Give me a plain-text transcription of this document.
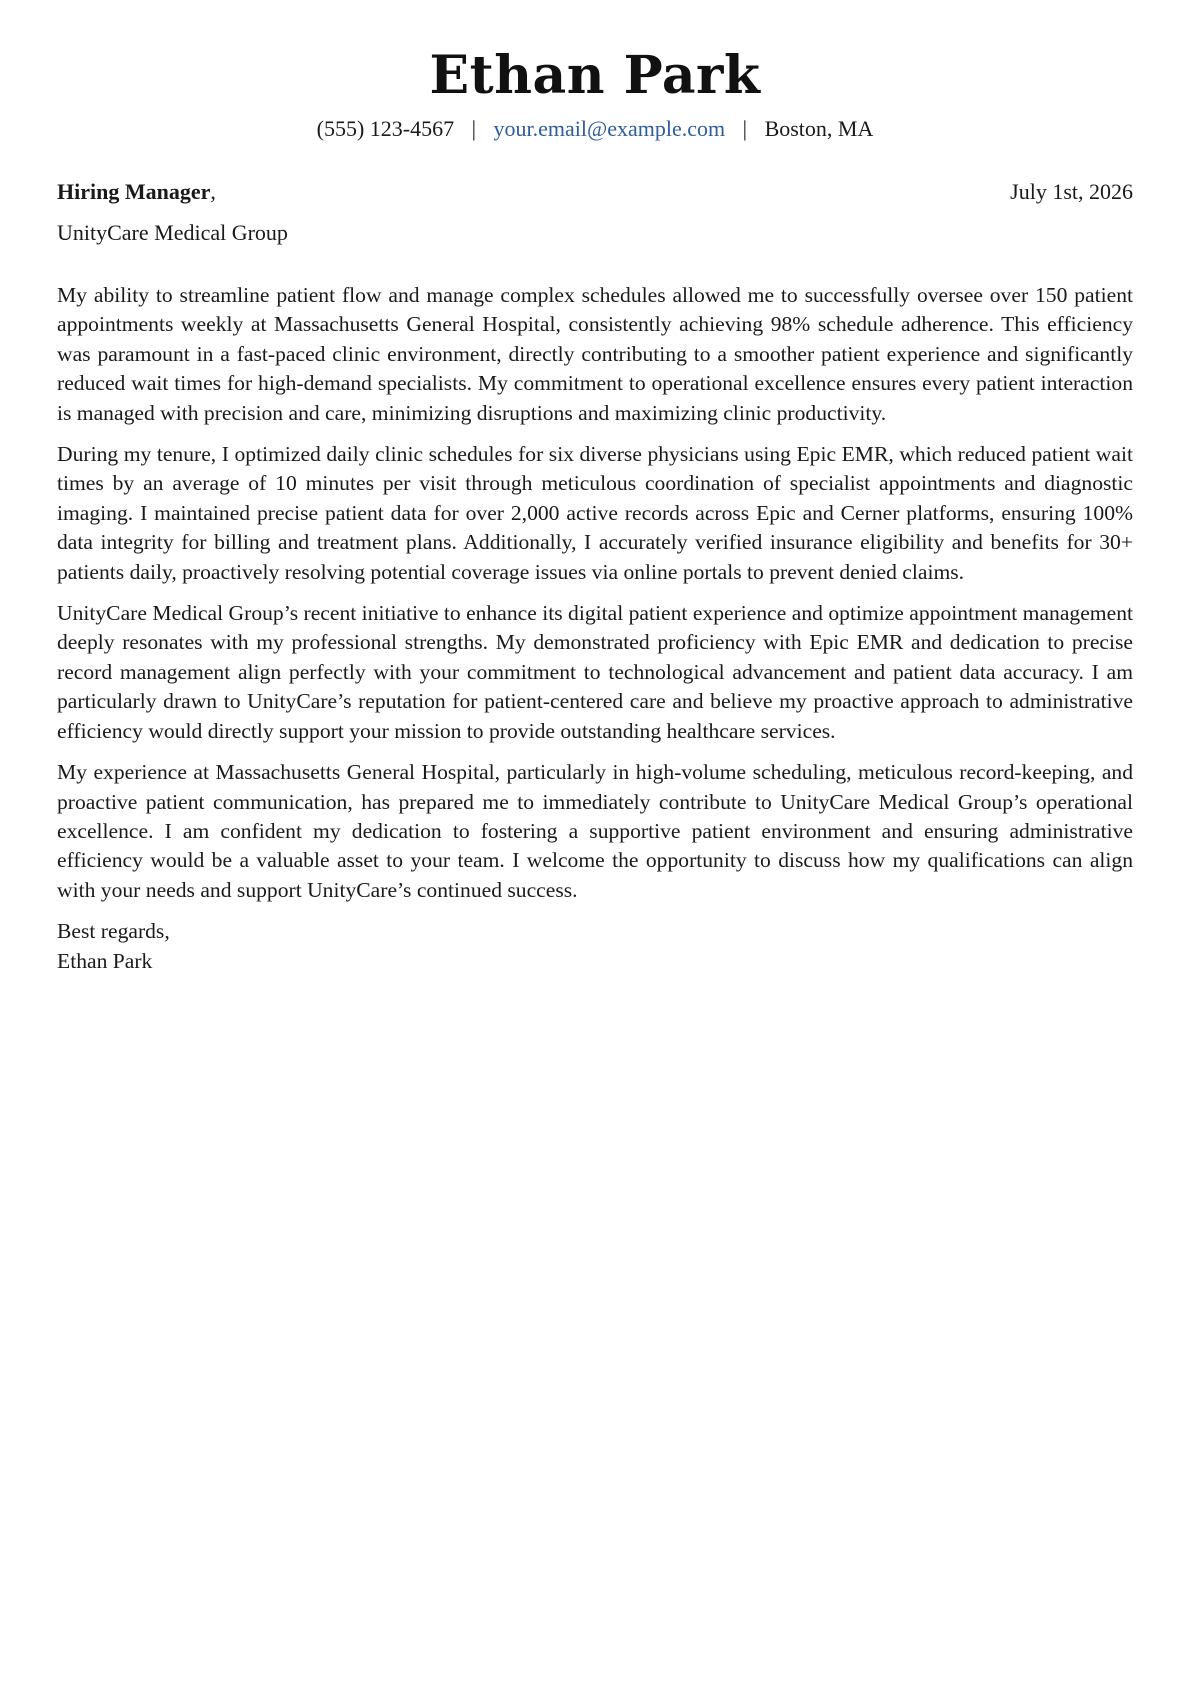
Ethan Park
(555) 123-4567 | your.email@example.com | Boston, MA
Hiring Manager,	July 1st, 2026
UnityCare Medical Group

My ability to streamline patient flow and manage complex schedules allowed me to successfully oversee over 150 patient appointments weekly at Massachusetts General Hospital, consistently achieving 98% schedule adherence. This efficiency was paramount in a fast-paced clinic environment, directly contributing to a smoother patient experience and significantly reduced wait times for high-demand specialists. My commitment to operational excellence ensures every patient interaction is managed with precision and care, minimizing disruptions and maximizing clinic productivity.

During my tenure, I optimized daily clinic schedules for six diverse physicians using Epic EMR, which reduced patient wait times by an average of 10 minutes per visit through meticulous coordination of specialist appointments and diagnostic imaging. I maintained precise patient data for over 2,000 active records across Epic and Cerner platforms, ensuring 100% data integrity for billing and treatment plans. Additionally, I accurately verified insurance eligibility and benefits for 30+ patients daily, proactively resolving potential coverage issues via online portals to prevent denied claims.

UnityCare Medical Group’s recent initiative to enhance its digital patient experience and optimize appointment management deeply resonates with my professional strengths. My demonstrated proficiency with Epic EMR and dedication to precise record management align perfectly with your commitment to technological advancement and patient data accuracy. I am particularly drawn to UnityCare’s reputation for patient-centered care and believe my proactive approach to administrative efficiency would directly support your mission to provide outstanding healthcare services.

My experience at Massachusetts General Hospital, particularly in high-volume scheduling, meticulous record-keeping, and proactive patient communication, has prepared me to immediately contribute to UnityCare Medical Group’s operational excellence. I am confident my dedication to fostering a supportive patient environment and ensuring administrative efficiency would be a valuable asset to your team. I welcome the opportunity to discuss how my qualifications can align with your needs and support UnityCare’s continued success.

Best regards,
Ethan Park
